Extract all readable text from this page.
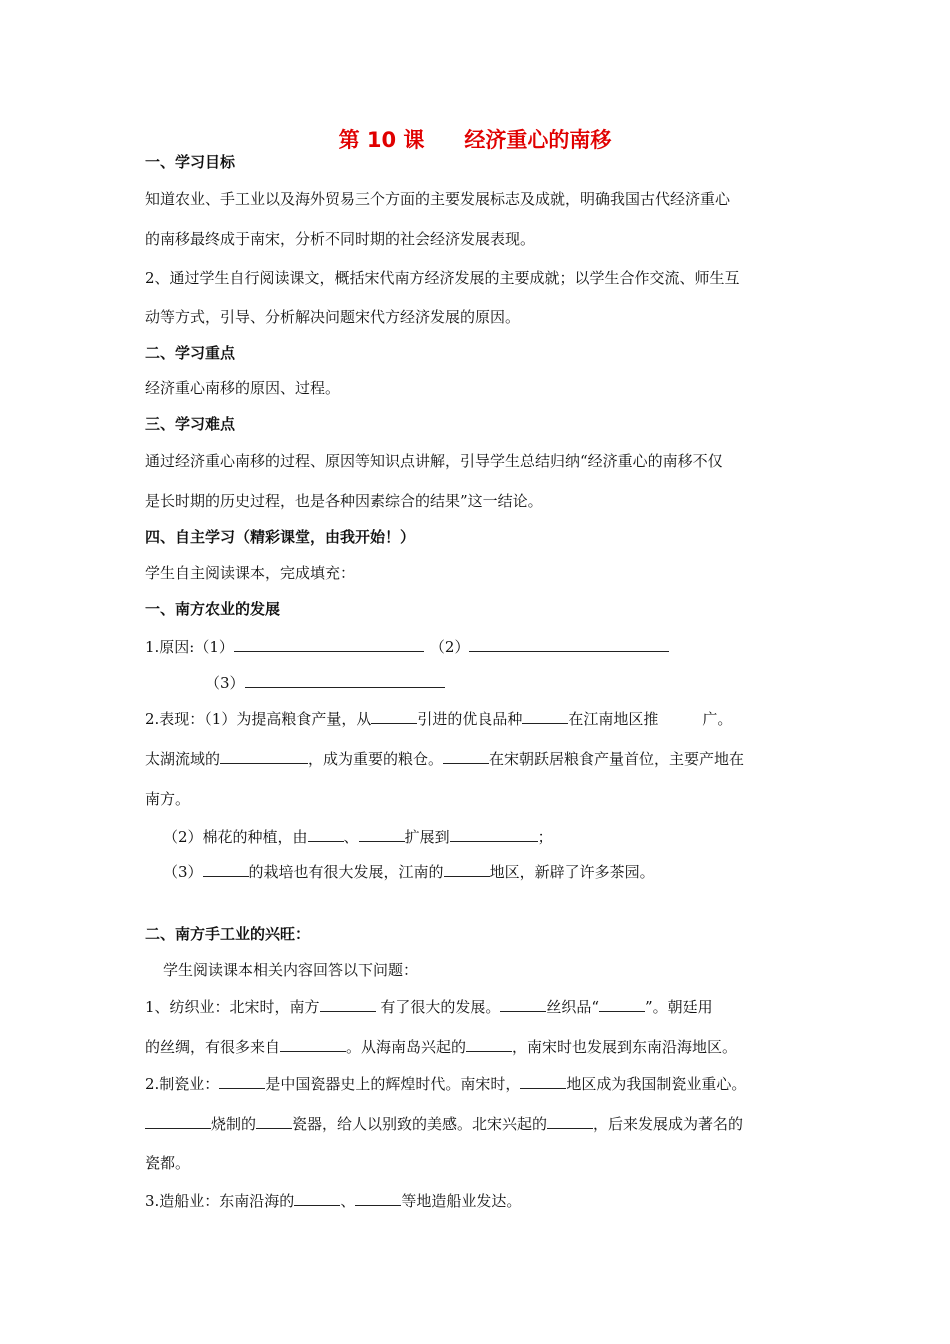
第 10 课 经济重心的南移
一、学习目标
知道农业、手工业以及海外贸易三个方面的主要发展标志及成就，明确我国古代经济重心
的南移最终成于南宋，分析不同时期的社会经济发展表现。
2、通过学生自行阅读课文，概括宋代南方经济发展的主要成就；以学生合作交流、师生互
动等方式，引导、分析解决问题宋代方经济发展的原因。
二、学习重点
经济重心南移的原因、过程。
三、学习难点
通过经济重心南移的过程、原因等知识点讲解，引导学生总结归纳“经济重心的南移不仅
是长时期的历史过程，也是各种因素综合的结果”这一结论。
四、自主学习（精彩课堂，由我开始！）
学生自主阅读课本，完成填充：
一、南方农业的发展
1.原因:（1）	（2）
（3）
2.表现：（1）为提高粮食产量，从	引进的优良品种	在江南地区推	广。
太湖流域的	，成为重要的粮仓。	在宋朝跃居粮食产量首位，主要产地在
南方。
（2）棉花的种植，由 、	扩展到	；
（3）	的栽培也有很大发展，江南的	地区，新辟了许多茶园。
二、南方手工业的兴旺：
学生阅读课本相关内容回答以下问题：
1、纺织业：北宋时，南方	有了很大的发展。	丝织品“	”。朝廷用
的丝绸，有很多来自	。从海南岛兴起的	，南宋时也发展到东南沿海地区。
2.制瓷业：	是中国瓷器史上的辉煌时代。南宋时，	地区成为我国制瓷业重心。
烧制的 瓷器，给人以别致的美感。北宋兴起的	，后来发展成为著名的
瓷都。
3.造船业：东南沿海的	、	等地造船业发达。
